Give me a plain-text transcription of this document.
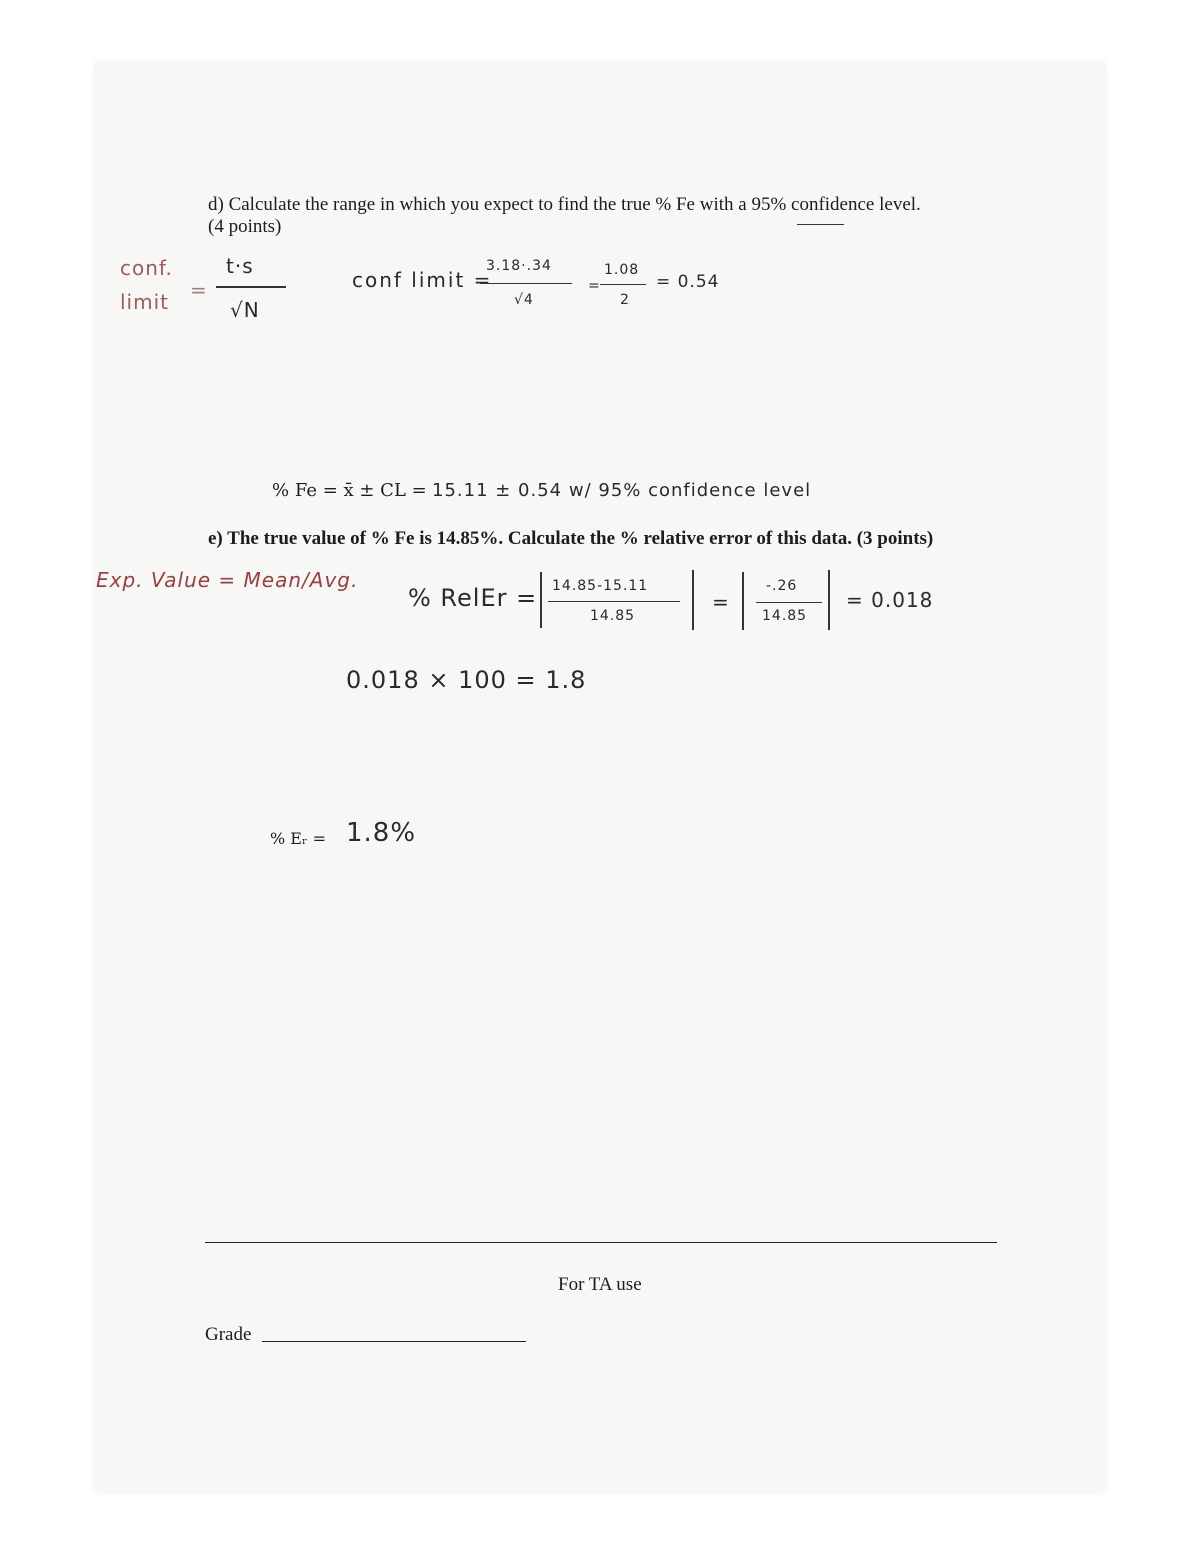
d) Calculate the range in which you expect to find the true % Fe with a 95% confidence level.
(4 points)
conf.
limit =
t·s
√N
conf limit =
3.18·.34
√4
=
1.08
2
= 0.54
% Fe = x̄ ± CL = 15.11 ± 0.54 w/ 95% confidence level
e) The true value of % Fe is 14.85%. Calculate the % relative error of this data. (3 points)
Exp. Value = Mean/Avg.
% RelEr = 14.85-15.11
14.85
=
-.26
14.85
= 0.018
0.018 × 100 = 1.8
% Eᵣ = 1.8%
For TA use
Grade
